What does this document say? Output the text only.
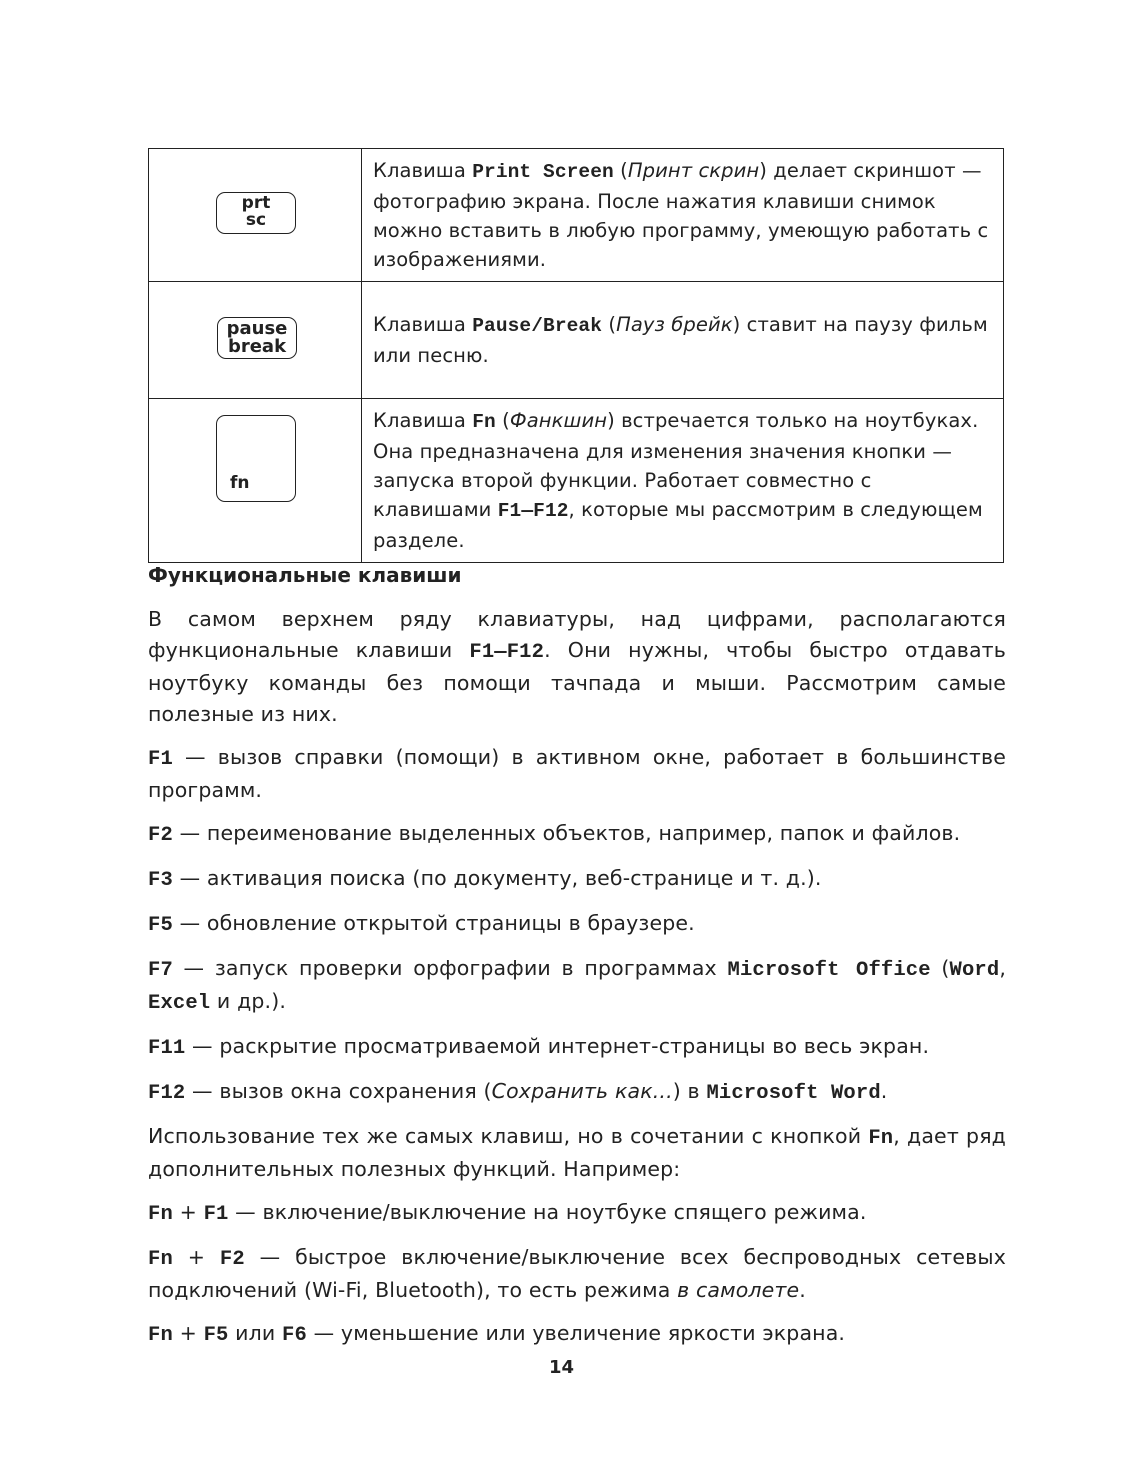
prt
sc	Клавиша Print Screen (Принт скрин) делает скриншот — фотографию экрана. После нажатия клавиши снимок можно вставить в любую программу, умеющую работать с изображениями.

pause
break	Клавиша Pause/Break (Пауз брейк) ставит на паузу фильм или песню.

fn	Клавиша Fn (Фанкшин) встречается только на ноутбуках. Она предназначена для изменения значения кнопки — запуска второй функции. Работает совместно с клавишами F1—F12, которые мы рассмотрим в следующем разделе.
Функциональные клавиши

В самом верхнем ряду клавиатуры, над цифрами, располагаются функциональные клавиши F1—F12. Они нужны, чтобы быстро отдавать ноутбуку команды без помощи тачпада и мыши. Рассмотрим самые полезные из них.

F1 — вызов справки (помощи) в активном окне, работает в большинстве программ.

F2 — переименование выделенных объектов, например, папок и файлов.

F3 — активация поиска (по документу, веб-странице и т. д.).

F5 — обновление открытой страницы в браузере.

F7 — запуск проверки орфографии в программах Microsoft Office (Word, Excel и др.).

F11 — раскрытие просматриваемой интернет-страницы во весь экран.

F12 — вызов окна сохранения (Сохранить как...) в Microsoft Word.

Использование тех же самых клавиш, но в сочетании с кнопкой Fn, дает ряд дополнительных полезных функций. Например:

Fn + F1 — включение/выключение на ноутбуке спящего режима.

Fn + F2 — быстрое включение/выключение всех беспроводных сетевых подключений (Wi-Fi, Bluetooth), то есть режима в самолете.

Fn + F5 или F6 — уменьшение или увеличение яркости экрана.

14
